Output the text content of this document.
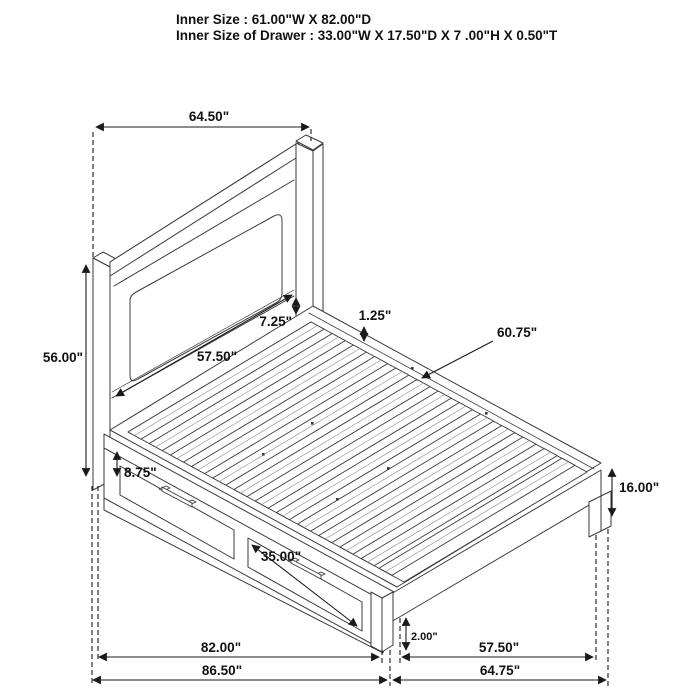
64.50"
56.00"	57.50"
7.25"	1.25"
60.75"
8.75"
16.00"
35.00"
2.00"
82.00"	57.50"
86.50"	64.75"
Inner Size : 61.00"W X 82.00"D
Inner Size of Drawer : 33.00"W X 17.50"D X 7 .00"H X 0.50"T
